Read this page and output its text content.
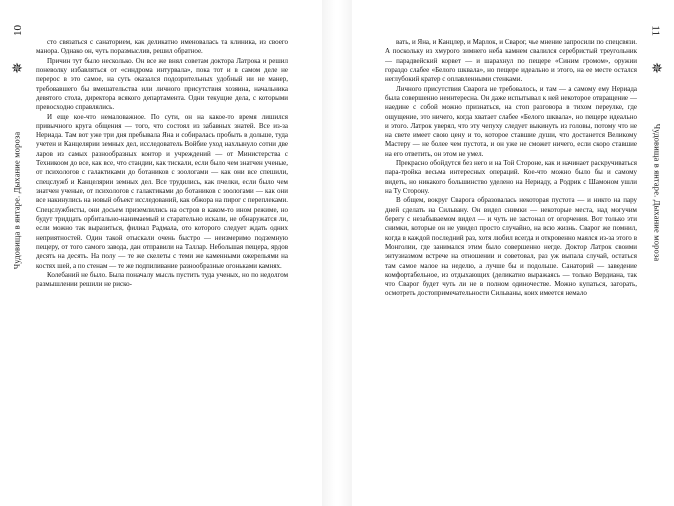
10
✵
Чудовища в янтаре. Дыхание мороза

сто связаться с санаторием, как деликатно именовалась та клиника, из своего манора. Однако он, чуть поразмыслив, решил обратное.

Причин тут было несколько. Он все же внял советам доктора Латрока и решил поневолку избавляться от «синдрома интурвала», пока тот и в самом деле не перерос в это самое, на суть оказался подозрительных удобный ни не манер, требовавшего бы вмешательства или личного присутствия хозяина, начальника девятого стола, директора всякого департамента. Одни текущие дела, с которыми превосходно справлялись.

И еще кое-что немаловажное. По сути, он на какое-то время лишился привычного круга общения — того, что состоял из забавных знатей. Все из-за Нериада. Там вот уже три дня пребывала Яна и собиралась пробыть в дольше, туда учетен и Канцелярии земных дел, исследователь Войбие уход нахлынуло сотни две ларов из самых разнообразных контор и учреждений — от Министерства с Техникоом до все, как все, что стандии, как тискали, если было чем знатчен ученые, от психологов с галактиками до ботаников с зоологами — как они все спешили, спецслужб и Канцелярии земных дел. Все трудились, как пчелки, если было чем знатчен ученые, от психологов с галактиками до ботаников с зоологами — как они все накинулись на новый объект исследований, как обжора на пирог с переплеками. Спецслужбисты, они досьем приземлились на остров в каком-то ином режиме, но будут тридцать орбитально-нанимаемый и старательно искали, не обнаружатся ли, если можно так выразиться, филиал Радмала, ото которого следует ждать одних неприятностей. Один такой отыскали очень быстро — неизмеримо подземную пещеру, от того самого завода, дан отправили на Таллар. Небольшая пещера, ярдов десять на десять. На полу — те же скелеты с теми же каменными ожерельями на костях шей, а по стенам — те же подпиливание разнообразные огоньками камнях.

Колебаний не было. Была поначалу мысль пустить туда ученых, но по недолгом размышлении решили не риско-

11
✵
Чудовища в янтаре. Дыхание мороза

вать, и Яна, и Канцлер, и Марлок, и Сварог, чье мнение запросили по спецсвязи. А поскольку из хмурого зимнего неба камнем свалился серебристый треугольник — парадвейский корвет — и шарахнул по пещере «Синим громом», оружии гораздо слабее «Белого шквала», но пещере идеально и этого, на ее месте остался неглубокий кратер с оплавленными стенками.

Личного присутствия Сварога не требовалось, и там — а самому ему Нериада была совершенно неинтересна. Он даже испытывал к ней некоторое отвращение — наедине с собой можно признаться, на стоп разговора в тихом переулке, где ощущение, это ничего, когда хватает слабее «Белого шквала», но пещере идеально и этого. Латрок уверял, что эту чепуху следует выкинуть из головы, потому что не на свете имеет свою цену и то, которое ставшие души, что достанется Великому Мастеру — не более чем пустота, и он уже не сможет ничего, если скоро ставшие на его ответить, он этом не умел.

Прекрасно обойдутся без него и на Той Стороне, как и начинает раскручиваться пара-тройка весьма интересных операций. Кое-что можно было бы и самому видеть, но никакого большинство уделено на Нериаду, а Родрик с Шамоном ушли на Ту Сторону.

В общем, вокруг Сварога образовалась некоторая пустота — и никто на пару дней сделать на Сильвану. Он видел снимки — некоторые места, над могучим берегу с незабываемом видел — и чуть не застонал от огорчения. Вот только эти снимки, которые он не увидел просто случайно, на всю жизнь. Сварог же помнил, когда в каждой последний раз, хотя любил всегда и откровенно маялся из-за этого в Монголии, где занимался этим было совершенно негде. Доктор Латрок своими энтузиазмом встрече на отношении и советовал, раз уж выпала случай, остаться там самое малое на неделю, а лучше бы и подольше. Санаторий — заведение комфортабельное, из отдыхающих (деликатно выражаясь — только Вердиана, так что Сварог будет чуть ли не в полном одиночестве. Можно купаться, загорать, осмотреть достопримечательности Сильваны, коих имеется немало
